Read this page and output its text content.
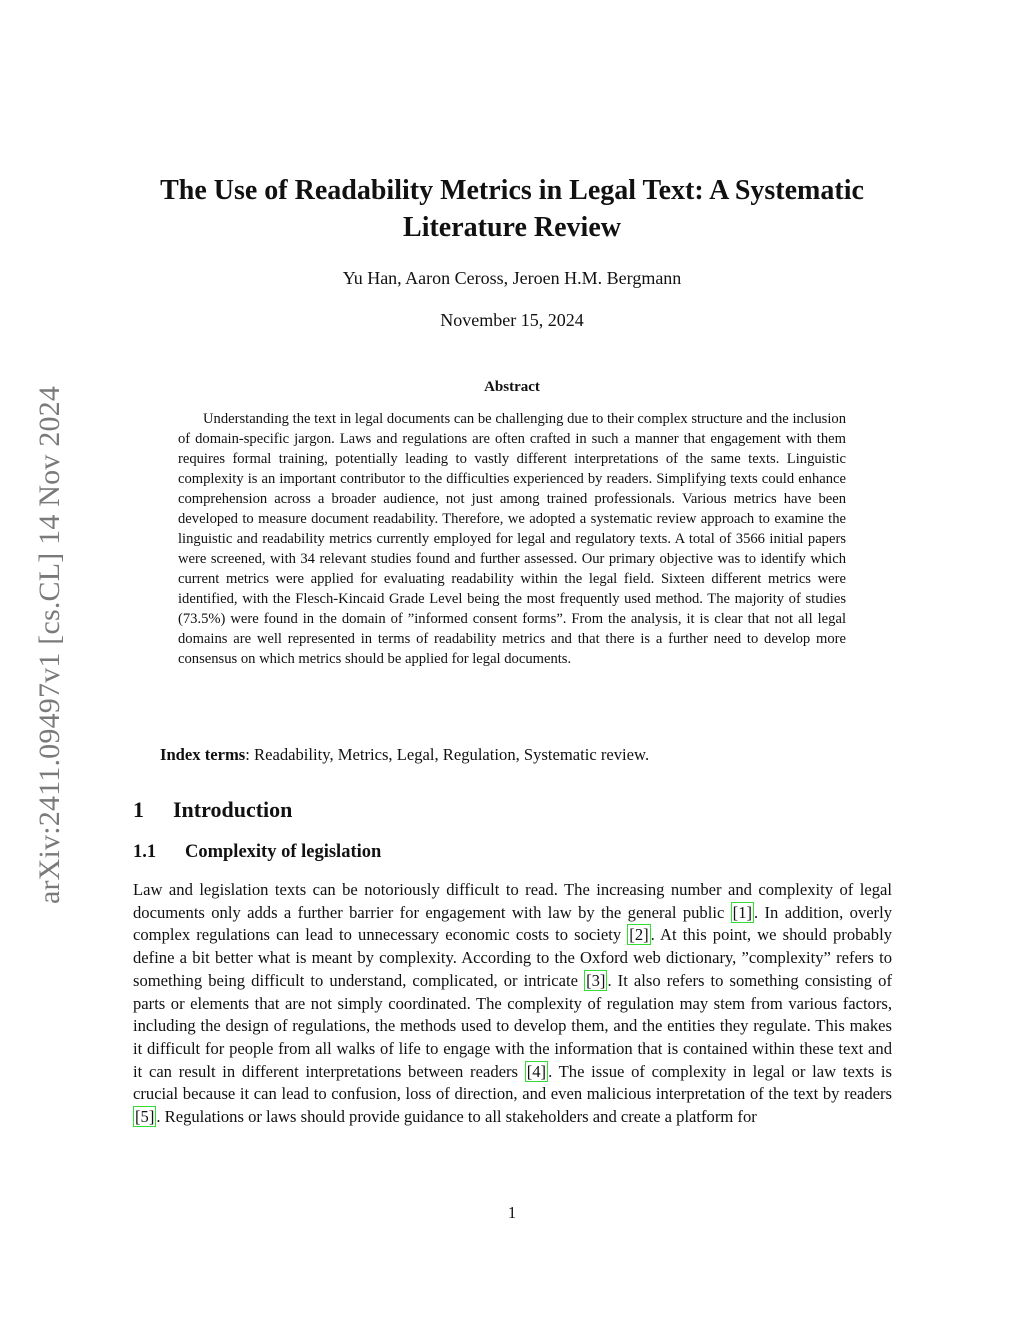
arXiv:2411.09497v1 [cs.CL] 14 Nov 2024
The Use of Readability Metrics in Legal Text: A Systematic Literature Review
Yu Han, Aaron Ceross, Jeroen H.M. Bergmann
November 15, 2024
Abstract

Understanding the text in legal documents can be challenging due to their complex structure and the inclusion of domain-specific jargon. Laws and regulations are often crafted in such a manner that engagement with them requires formal training, potentially leading to vastly different interpretations of the same texts. Linguistic complexity is an important contributor to the difficulties experienced by readers. Simplifying texts could enhance comprehension across a broader audience, not just among trained professionals. Various metrics have been developed to measure document readability. Therefore, we adopted a systematic review approach to examine the linguistic and readability metrics currently employed for legal and regulatory texts. A total of 3566 initial papers were screened, with 34 relevant studies found and further assessed. Our primary objective was to identify which current metrics were applied for evaluating readability within the legal field. Sixteen different metrics were identified, with the Flesch-Kincaid Grade Level being the most frequently used method. The majority of studies (73.5%) were found in the domain of ”informed consent forms”. From the analysis, it is clear that not all legal domains are well represented in terms of readability metrics and that there is a further need to develop more consensus on which metrics should be applied for legal documents.

Index terms: Readability, Metrics, Legal, Regulation, Systematic review.
1 Introduction
1.1 Complexity of legislation

Law and legislation texts can be notoriously difficult to read. The increasing number and complexity of legal documents only adds a further barrier for engagement with law by the general public [1] . In addition, overly complex regulations can lead to unnecessary economic costs to society [2] . At this point, we should probably define a bit better what is meant by complexity. According to the Oxford web dictionary, ”complexity” refers to something being difficult to understand, complicated, or intricate [3] . It also refers to something consisting of parts or elements that are not simply coordinated. The complexity of regulation may stem from various factors, including the design of regulations, the methods used to develop them, and the entities they regulate. This makes it difficult for people from all walks of life to engage with the information that is contained within these text and it can result in different interpretations between readers [4] . The issue of complexity in legal or law texts is crucial because it can lead to confusion, loss of direction, and even malicious interpretation of the text by readers [5] . Regulations or laws should provide guidance to all stakeholders and create a platform for

1
